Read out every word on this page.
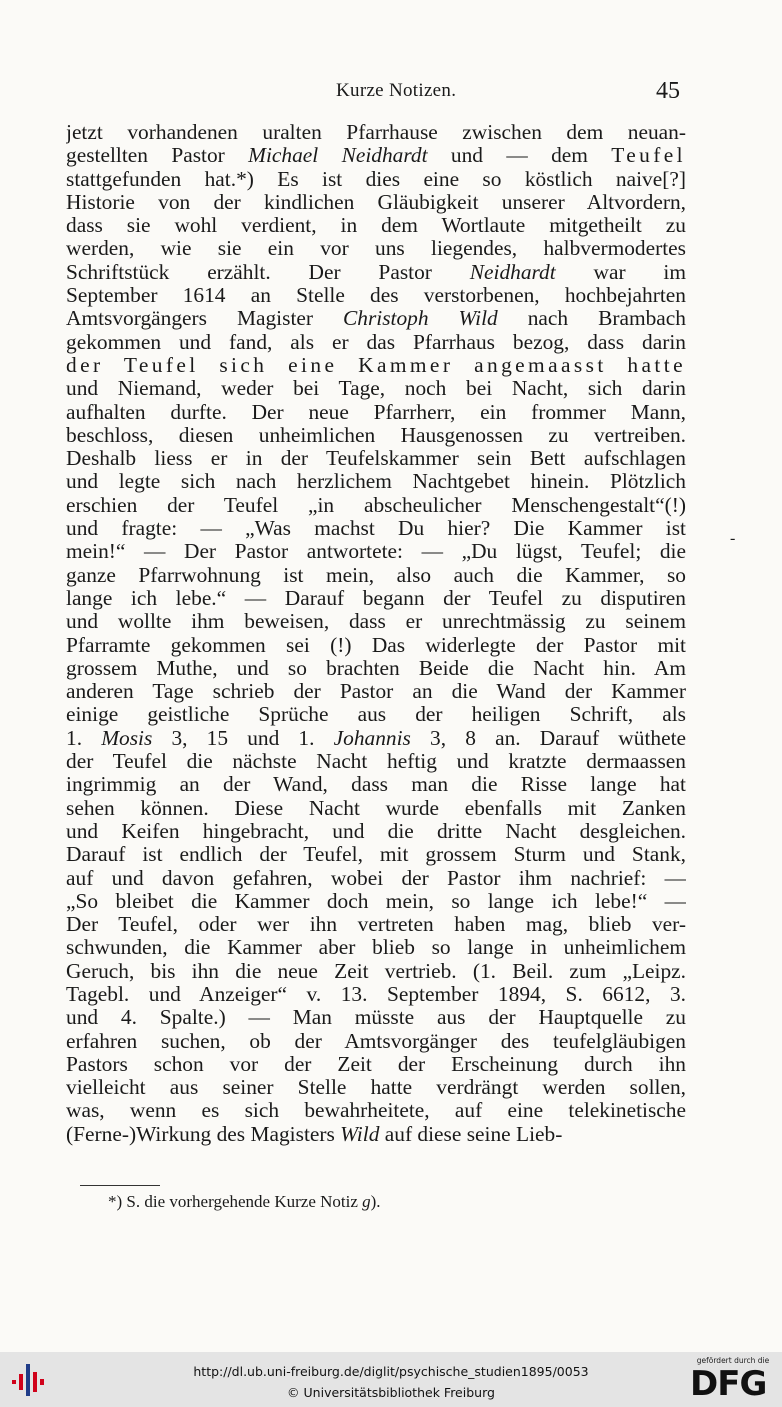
Kurze Notizen.	45
jetzt vorhandenen uralten Pfarrhause zwischen dem neuan-
gestellten Pastor Michael Neidhardt und — dem Teufel
stattgefunden hat.*) Es ist dies eine so köstlich naive[?]
Historie von der kindlichen Gläubigkeit unserer Altvordern,
dass sie wohl verdient, in dem Wortlaute mitgetheilt zu
werden, wie sie ein vor uns liegendes, halbvermodertes
Schriftstück erzählt. Der Pastor Neidhardt war im
September 1614 an Stelle des verstorbenen, hochbejahrten
Amtsvorgängers Magister Christoph Wild nach Brambach
gekommen und fand, als er das Pfarrhaus bezog, dass darin
der Teufel sich eine Kammer angemaasst hatte
und Niemand, weder bei Tage, noch bei Nacht, sich darin
aufhalten durfte. Der neue Pfarrherr, ein frommer Mann,
beschloss, diesen unheimlichen Hausgenossen zu vertreiben.
Deshalb liess er in der Teufelskammer sein Bett aufschlagen
und legte sich nach herzlichem Nachtgebet hinein. Plötzlich
erschien der Teufel „in abscheulicher Menschengestalt“(!)
und fragte: — „Was machst Du hier? Die Kammer ist
mein!“ — Der Pastor antwortete: — „Du lügst, Teufel; die
ganze Pfarrwohnung ist mein, also auch die Kammer, so
lange ich lebe.“ — Darauf begann der Teufel zu disputiren
und wollte ihm beweisen, dass er unrechtmässig zu seinem
Pfarramte gekommen sei (!) Das widerlegte der Pastor mit
grossem Muthe, und so brachten Beide die Nacht hin. Am
anderen Tage schrieb der Pastor an die Wand der Kammer
einige geistliche Sprüche aus der heiligen Schrift, als
1. Mosis 3, 15 und 1. Johannis 3, 8 an. Darauf wüthete
der Teufel die nächste Nacht heftig und kratzte dermaassen
ingrimmig an der Wand, dass man die Risse lange hat
sehen können. Diese Nacht wurde ebenfalls mit Zanken
und Keifen hingebracht, und die dritte Nacht desgleichen.
Darauf ist endlich der Teufel, mit grossem Sturm und Stank,
auf und davon gefahren, wobei der Pastor ihm nachrief: —
„So bleibet die Kammer doch mein, so lange ich lebe!“ —
Der Teufel, oder wer ihn vertreten haben mag, blieb ver-
schwunden, die Kammer aber blieb so lange in unheimlichem
Geruch, bis ihn die neue Zeit vertrieb. (1. Beil. zum „Leipz.
Tagebl. und Anzeiger“ v. 13. September 1894, S. 6612, 3.
und 4. Spalte.) — Man müsste aus der Hauptquelle zu
erfahren suchen, ob der Amtsvorgänger des teufelgläubigen
Pastors schon vor der Zeit der Erscheinung durch ihn
vielleicht aus seiner Stelle hatte verdrängt werden sollen,
was, wenn es sich bewahrheitete, auf eine telekinetische
(Ferne-)Wirkung des Magisters Wild auf diese seine Lieb-
-
*) S. die vorhergehende Kurze Notiz g).
http://dl.ub.uni-freiburg.de/diglit/psychische_studien1895/0053
© Universitätsbibliothek Freiburg
gefördert durch die
DFG
